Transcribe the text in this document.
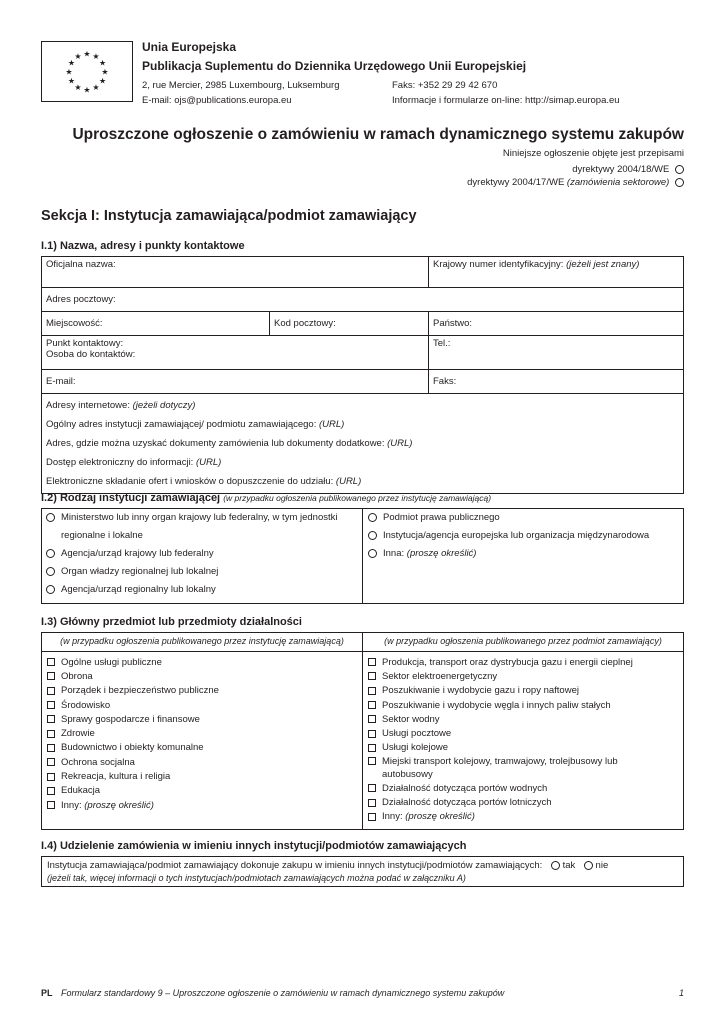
★ ★
★
★
★
★
★
★
★
★
★
★
Unia Europejska
Publikacja Suplementu do Dziennika Urzędowego Unii Europejskiej
2, rue Mercier, 2985 Luxembourg, Luksemburg
E-mail: ojs@publications.europa.eu
Faks: +352 29 29 42 670
Informacje i formularze on-line: http://simap.europa.eu
Uproszczone ogłoszenie o zamówieniu w ramach dynamicznego systemu zakupów
Niniejsze ogłoszenie objęte jest przepisami
dyrektywy 2004/18/WE
dyrektywy 2004/17/WE (zamówienia sektorowe)
Sekcja I: Instytucja zamawiająca/podmiot zamawiający
I.1) Nazwa, adresy i punkty kontaktowe
Oficjalna nazwa:		Krajowy numer identyfikacyjny: (jeżeli jest znany)
Adres pocztowy:		
Miejscowość:	Kod pocztowy:	Państwo:

Punkt kontaktowy:
Osoba do kontaktów:		Tel.:
E-mail:		Faks:

Adresy internetowe: (jeżeli dotyczy)
Ogólny adres instytucji zamawiającej/ podmiotu zamawiającego: (URL)
Adres, gdzie można uzyskać dokumenty zamówienia lub dokumenty dodatkowe: (URL)
Dostęp elektroniczny do informacji: (URL)
Elektroniczne składanie ofert i wniosków o dopuszczenie do udziału: (URL)		
I.2) Rodzaj instytucji zamawiającej (w przypadku ogłoszenia publikowanego przez instytucję zamawiającą)
Ministerstwo lub inny organ krajowy lub federalny, w tym jednostki regionalne i lokalne
Agencja/urząd krajowy lub federalny
Organ władzy regionalnej lub lokalnej
Agencja/urząd regionalny lub lokalny
Podmiot prawa publicznego
Instytucja/agencja europejska lub organizacja międzynarodowa
Inna: (proszę określić)
I.3) Główny przedmiot lub przedmioty działalności
(w przypadku ogłoszenia publikowanego przez instytucję zamawiającą)	(w przypadku ogłoszenia publikowanego przez podmiot zamawiający)
Ogólne usługi publiczne
Obrona
Porządek i bezpieczeństwo publiczne
Środowisko
Sprawy gospodarcze i finansowe
Zdrowie
Budownictwo i obiekty komunalne
Ochrona socjalna
Rekreacja, kultura i religia
Edukacja
Inny: (proszę określić)
Produkcja, transport oraz dystrybucja gazu i energii cieplnej
Sektor elektroenergetyczny
Poszukiwanie i wydobycie gazu i ropy naftowej
Poszukiwanie i wydobycie węgla i innych paliw stałych
Sektor wodny
Usługi pocztowe
Usługi kolejowe
Miejski transport kolejowy, tramwajowy, trolejbusowy lub autobusowy
Działalność dotycząca portów wodnych
Działalność dotycząca portów lotniczych
Inny: (proszę określić)
I.4) Udzielenie zamówienia w imieniu innych instytucji/podmiotów zamawiających
Instytucja zamawiająca/podmiot zamawiający dokonuje zakupu w imieniu innych instytucji/podmiotów zamawiających: tak nie
(jeżeli tak, więcej informacji o tych instytucjach/podmiotach zamawiających można podać w załączniku A)
PL Formularz standardowy 9 – Uproszczone ogłoszenie o zamówieniu w ramach dynamicznego systemu zakupów	1
